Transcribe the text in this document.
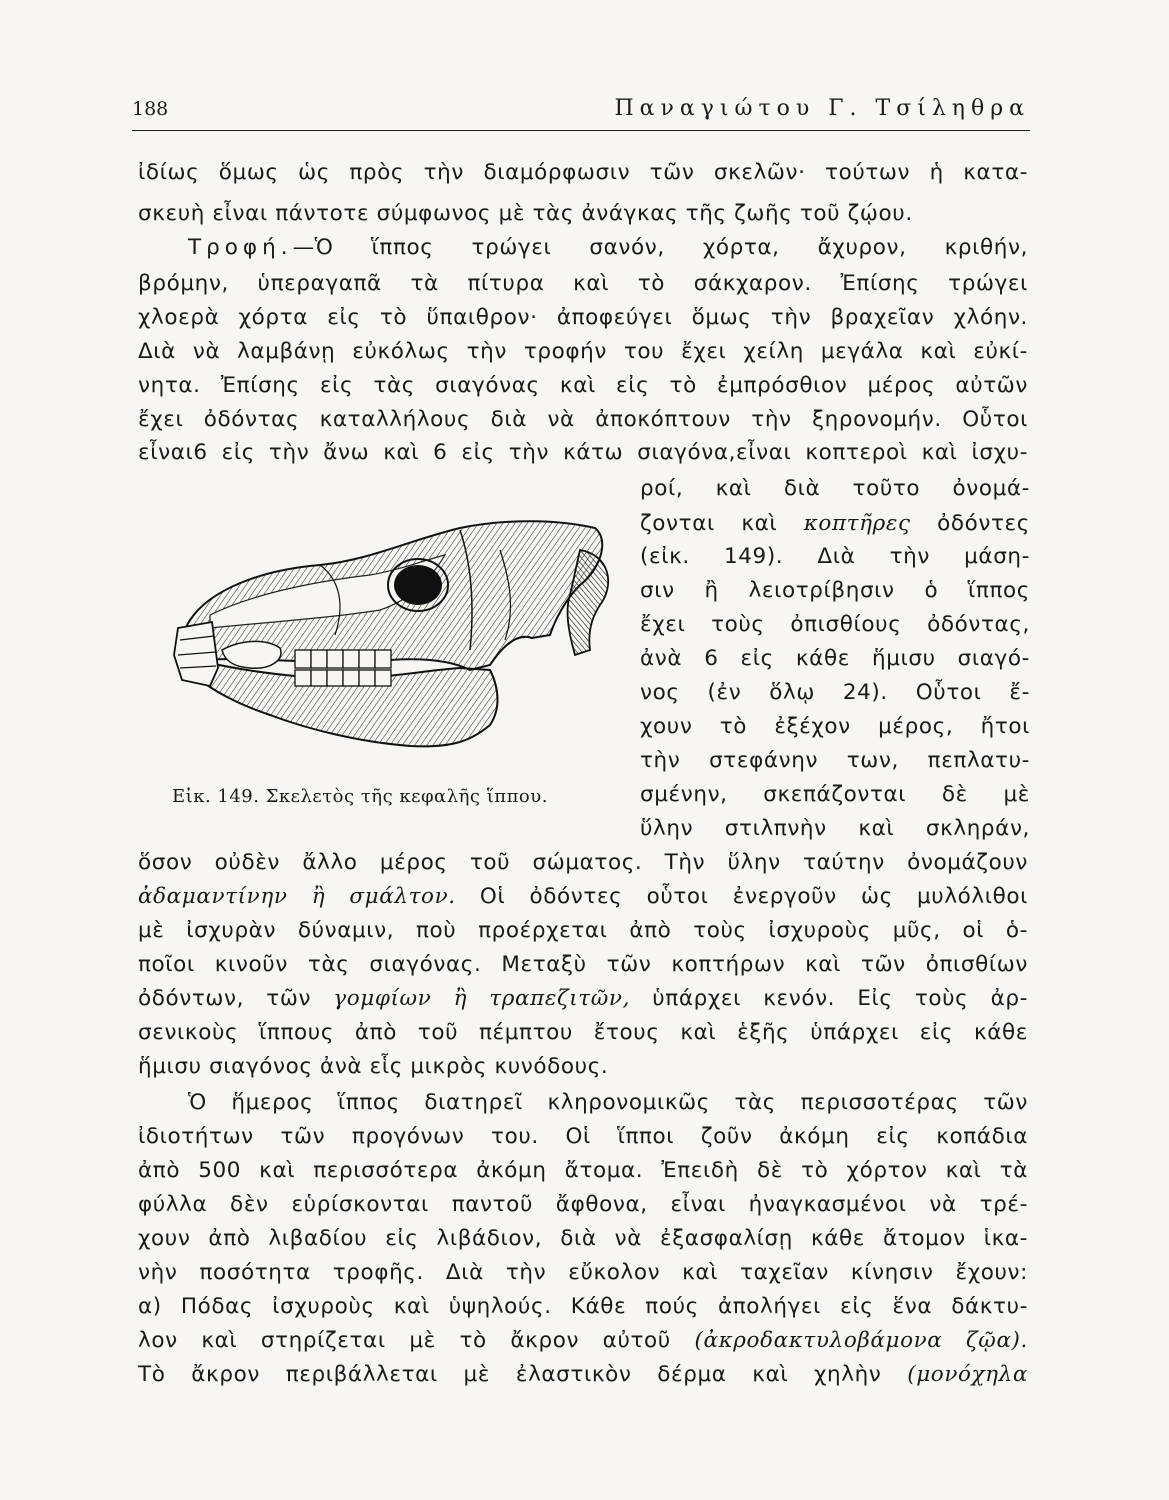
188	Παναγιώτου Γ. Τσίληθρα
ἰδίως ὅμως ὡς πρὸς τὴν διαμόρφωσιν τῶν σκελῶν· τούτων ἡ κατα-
σκευὴ εἶναι πάντοτε σύμφωνος μὲ τὰς ἀνάγκας τῆς ζωῆς τοῦ ζῴου.
Τροφή.—Ὁ ἵππος τρώγει σανόν, χόρτα, ἄχυρον, κριθήν,
βρόμην, ὑπεραγαπᾶ τὰ πίτυρα καὶ τὸ σάκχαρον. Ἐπίσης τρώγει
χλοερὰ χόρτα εἰς τὸ ὕπαιθρον· ἀποφεύγει ὅμως τὴν βραχεῖαν χλόην.
Διὰ νὰ λαμβάνῃ εὐκόλως τὴν τροφήν του ἔχει χείλη μεγάλα καὶ εὐκί-
νητα. Ἐπίσης εἰς τὰς σιαγόνας καὶ εἰς τὸ ἐμπρόσθιον μέρος αὐτῶν
ἔχει ὀδόντας καταλλήλους διὰ νὰ ἀποκόπτουν τὴν ξηρονομήν. Οὗτοι
εἶναι6 εἰς τὴν ἄνω καὶ 6 εἰς τὴν κάτω σιαγόνα,εἶναι κοπτεροὶ καὶ ἰσχυ-
ροί, καὶ διὰ τοῦτο ὀνομά-
ζονται καὶ κοπτῆρες ὀδόντες
(εἰκ. 149). Διὰ τὴν μάση-
σιν ἢ λειοτρίβησιν ὁ ἵππος
ἔχει τοὺς ὀπισθίους ὀδόντας,
ἀνὰ 6 εἰς κάθε ἥμισυ σιαγό-
νος (ἐν ὅλῳ 24). Οὗτοι ἔ-
χουν τὸ ἐξέχον μέρος, ἤτοι
τὴν στεφάνην των, πεπλατυ-
σμένην, σκεπάζονται δὲ μὲ
ὕλην στιλπνὴν καὶ σκληράν,
Εἰκ. 149. Σκελετὸς τῆς κεφαλῆς ἵππου.
ὅσον οὐδὲν ἄλλο μέρος τοῦ σώματος. Τὴν ὕλην ταύτην ὀνομάζουν
ἀδαμαντίνην ἢ σμάλτον. Οἱ ὀδόντες οὗτοι ἐνεργοῦν ὡς μυλόλιθοι
μὲ ἰσχυρὰν δύναμιν, ποὺ προέρχεται ἀπὸ τοὺς ἰσχυροὺς μῦς, οἱ ὁ-
ποῖοι κινοῦν τὰς σιαγόνας. Μεταξὺ τῶν κοπτήρων καὶ τῶν ὀπισθίων
ὀδόντων, τῶν γομφίων ἢ τραπεζιτῶν, ὑπάρχει κενόν. Εἰς τοὺς ἀρ-
σενικοὺς ἵππους ἀπὸ τοῦ πέμπτου ἔτους καὶ ἑξῆς ὑπάρχει εἰς κάθε
ἥμισυ σιαγόνος ἀνὰ εἷς μικρὸς κυνόδους.
Ὁ ἥμερος ἵππος διατηρεῖ κληρονομικῶς τὰς περισσοτέρας τῶν
ἰδιοτήτων τῶν προγόνων του. Οἱ ἵπποι ζοῦν ἀκόμη εἰς κοπάδια
ἀπὸ 500 καὶ περισσότερα ἀκόμη ἄτομα. Ἐπειδὴ δὲ τὸ χόρτον καὶ τὰ
φύλλα δὲν εὑρίσκονται παντοῦ ἄφθονα, εἶναι ἠναγκασμένοι νὰ τρέ-
χουν ἀπὸ λιβαδίου εἰς λιβάδιον, διὰ νὰ ἐξασφαλίσῃ κάθε ἄτομον ἱκα-
νὴν ποσότητα τροφῆς. Διὰ τὴν εὔκολον καὶ ταχεῖαν κίνησιν ἔχουν:
α) Πόδας ἰσχυροὺς καὶ ὑψηλούς. Κάθε πούς ἀπολήγει εἰς ἕνα δάκτυ-
λον καὶ στηρίζεται μὲ τὸ ἄκρον αὐτοῦ (ἀκροδακτυλοβάμονα ζῷα).
Τὸ ἄκρον περιβάλλεται μὲ ἐλαστικὸν δέρμα καὶ χηλὴν (μονόχηλα
